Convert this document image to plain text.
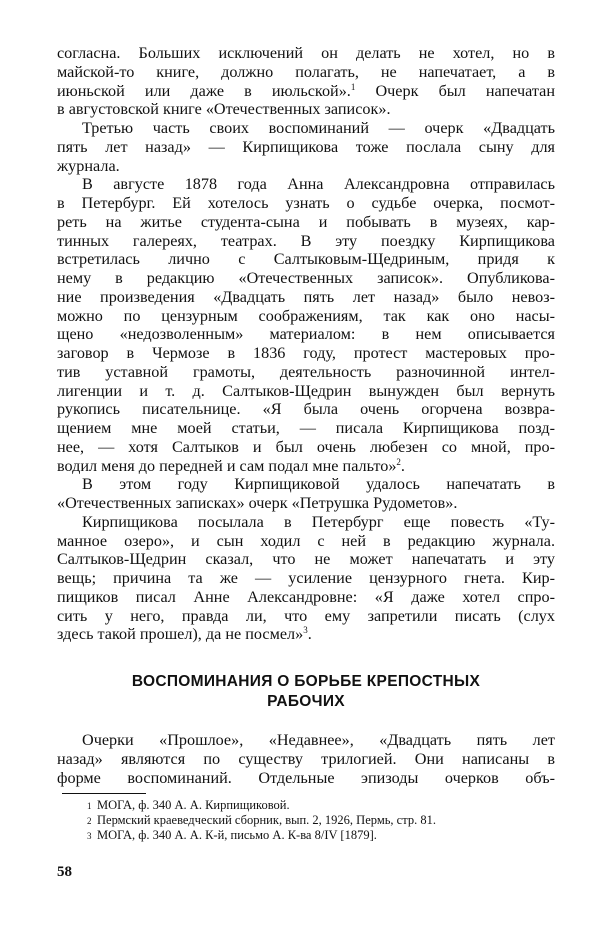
согласна. Больших исключений он делать не хотел, но в
майской-то книге, должно полагать, не напечатает, а в
июньской или даже в июльской».$^1$ Очерк был напечатан
в августовской книге «Отечественных записок».
Третью часть своих воспоминаний — очерк «Двадцать
пять лет назад» — Кирпищикова тоже послала сыну для
журнала.
В августе 1878 года Анна Александровна отправилась
в Петербург. Ей хотелось узнать о судьбе очерка, посмот-
реть на житье студента-сына и побывать в музеях, кар-
тинных галереях, театрах. В эту поездку Кирпищикова
встретилась лично с Салтыковым-Щедриным, придя к
нему в редакцию «Отечественных записок». Опубликова-
ние произведения «Двадцать пять лет назад» было невоз-
можно по цензурным соображениям, так как оно насы-
щено «недозволенным» материалом: в нем описывается
заговор в Чермозе в 1836 году, протест мастеровых про-
тив уставной грамоты, деятельность разночинной интел-
лигенции и т. д. Салтыков-Щедрин вынужден был вернуть
рукопись писательнице. «Я была очень огорчена возвра-
щением мне моей статьи, — писала Кирпищикова позд-
нее, — хотя Салтыков и был очень любезен со мной, про-
водил меня до передней и сам подал мне пальто»$^2$.
В этом году Кирпищиковой удалось напечатать в
«Отечественных записках» очерк «Петрушка Рудометов».
Кирпищикова посылала в Петербург еще повесть «Ту-
манное озеро», и сын ходил с ней в редакцию журнала.
Салтыков-Щедрин сказал, что не может напечатать и эту
вещь; причина та же — усиление цензурного гнета. Кир-
пищиков писал Анне Александровне: «Я даже хотел спро-
сить у него, правда ли, что ему запретили писать (слух
здесь такой прошел), да не посмел»$^3$.
ВОСПОМИНАНИЯ О БОРЬБЕ КРЕПОСТНЫХ
РАБОЧИХ
Очерки «Прошлое», «Недавнее», «Двадцать пять лет
назад» являются по существу трилогией. Они написаны в
форме воспоминаний. Отдельные эпизоды очерков объ-
1 МОГА, ф. 340 А. А. Кирпищиковой.
2 Пермский краеведческий сборник, вып. 2, 1926, Пермь, стр. 81.
3 МОГА, ф. 340 А. А. К-й, письмо А. К-ва 8/IV [1879].
58
